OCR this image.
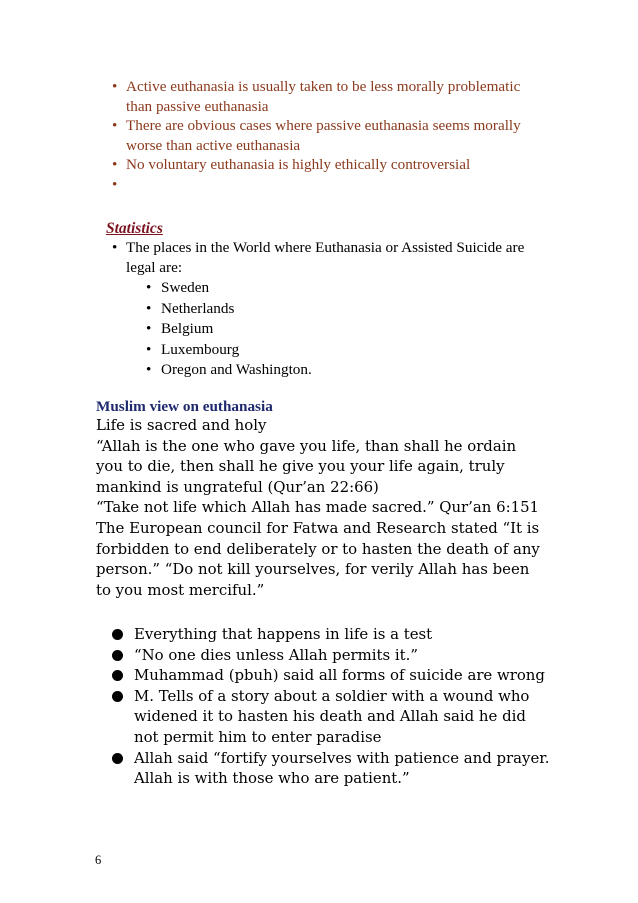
• Active euthanasia is usually taken to be less morally problematic than passive euthanasia
• There are obvious cases where passive euthanasia seems morally worse than active euthanasia
• No voluntary euthanasia is highly ethically controversial

Statistics

• The places in the World where Euthanasia or Assisted Suicide are legal are:
• Sweden
• Netherlands
• Belgium
• Luxembourg
• Oregon and Washington.

Muslim view on euthanasia

Life is sacred and holy

“Allah is the one who gave you life, than shall he ordain you to die, then shall he give you your life again, truly mankind is ungrateful (Qur’an 22:66)

“Take not life which Allah has made sacred.” Qur’an 6:151

The European council for Fatwa and Research stated “It is forbidden to end deliberately or to hasten the death of any person.” “Do not kill yourselves, for verily Allah has been to you most merciful.”

Everything that happens in life is a test
“No one dies unless Allah permits it.”
Muhammad (pbuh) said all forms of suicide are wrong
M. Tells of a story about a soldier with a wound who widened it to hasten his death and Allah said he did not permit him to enter paradise
Allah said “fortify yourselves with patience and prayer. Allah is with those who are patient.”

6
